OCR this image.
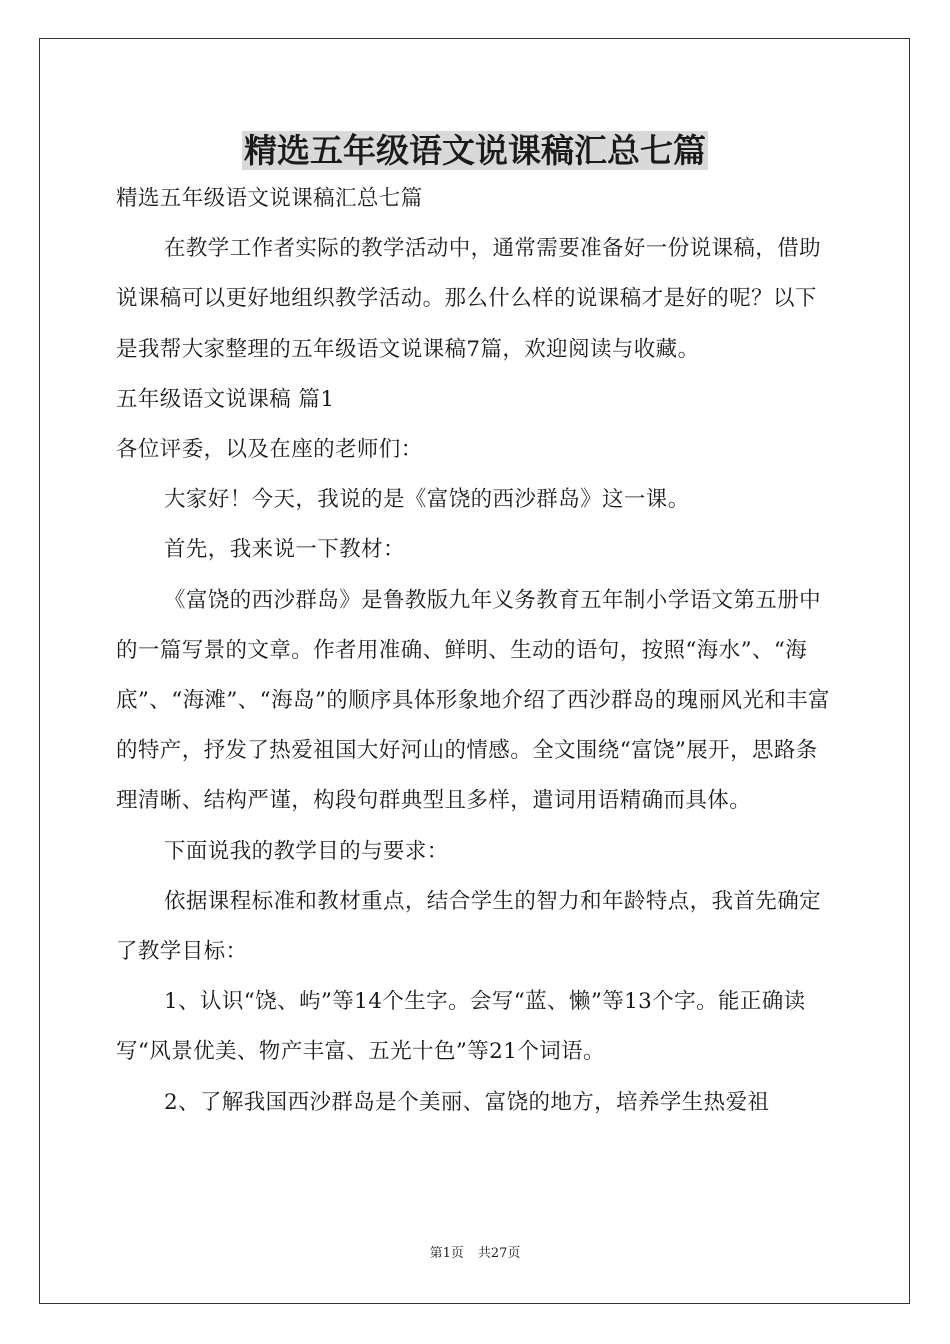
精选五年级语文说课稿汇总七篇

精选五年级语文说课稿汇总七篇

在教学工作者实际的教学活动中，通常需要准备好一份说课稿，借助说课稿可以更好地组织教学活动。那么什么样的说课稿才是好的呢？以下是我帮大家整理的五年级语文说课稿7篇，欢迎阅读与收藏。

五年级语文说课稿 篇1

各位评委，以及在座的老师们：

大家好！今天，我说的是《富饶的西沙群岛》这一课。

首先，我来说一下教材：

《富饶的西沙群岛》是鲁教版九年义务教育五年制小学语文第五册中的一篇写景的文章。作者用准确、鲜明、生动的语句，按照“海水”、“海底”、“海滩”、“海岛”的顺序具体形象地介绍了西沙群岛的瑰丽风光和丰富的特产，抒发了热爱祖国大好河山的情感。全文围绕“富饶”展开，思路条理清晰、结构严谨，构段句群典型且多样，遣词用语精确而具体。

下面说我的教学目的与要求：

依据课程标准和教材重点，结合学生的智力和年龄特点，我首先确定了教学目标：

1、认识“饶、屿”等14个生字。会写“蓝、懒”等13个字。能正确读写“风景优美、物产丰富、五光十色”等21个词语。

2、了解我国西沙群岛是个美丽、富饶的地方，培养学生热爱祖

第1页 共27页
